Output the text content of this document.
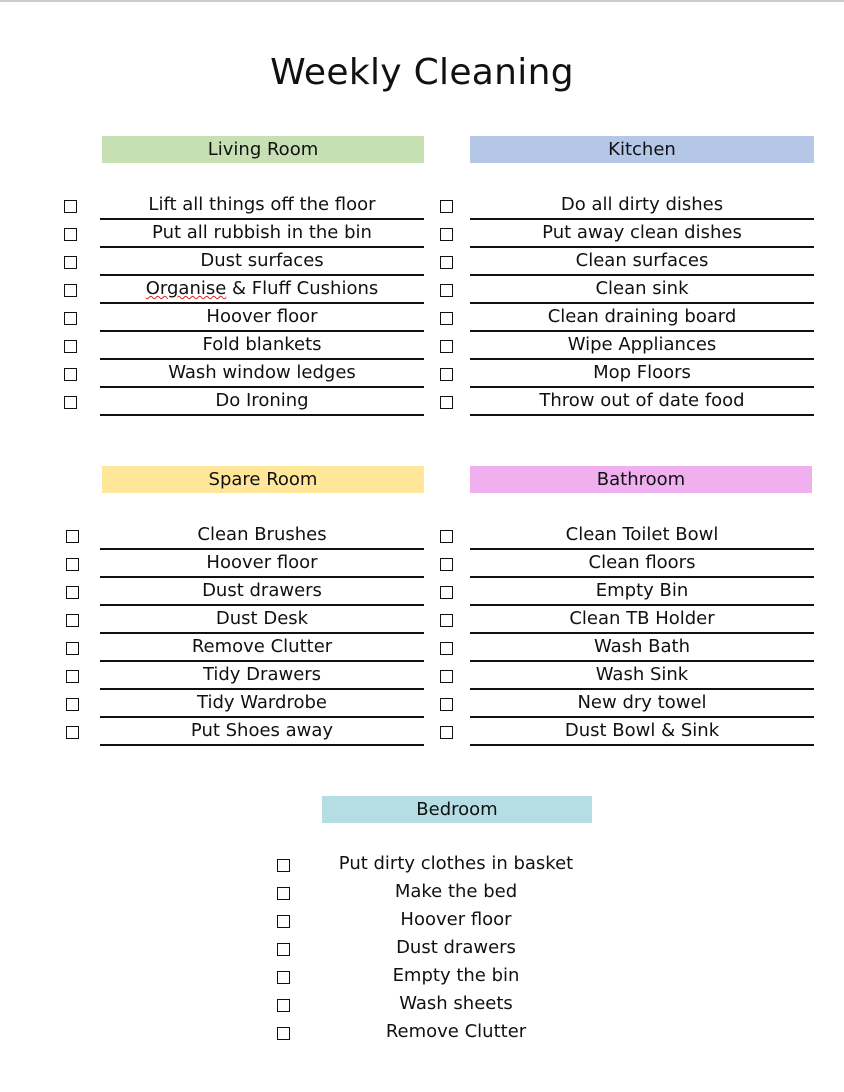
Weekly Cleaning
Living Room
Lift all things off the floor
Put all rubbish in the bin
Dust surfaces
Organise & Fluff Cushions
Hoover floor
Fold blankets
Wash window ledges
Do Ironing
Kitchen
Do all dirty dishes
Put away clean dishes
Clean surfaces
Clean sink
Clean draining board
Wipe Appliances
Mop Floors
Throw out of date food
Spare Room
Clean Brushes
Hoover floor
Dust drawers
Dust Desk
Remove Clutter
Tidy Drawers
Tidy Wardrobe
Put Shoes away
Bathroom
Clean Toilet Bowl
Clean floors
Empty Bin
Clean TB Holder
Wash Bath
Wash Sink
New dry towel
Dust Bowl & Sink
Bedroom
Put dirty clothes in basket
Make the bed
Hoover floor
Dust drawers
Empty the bin
Wash sheets
Remove Clutter
